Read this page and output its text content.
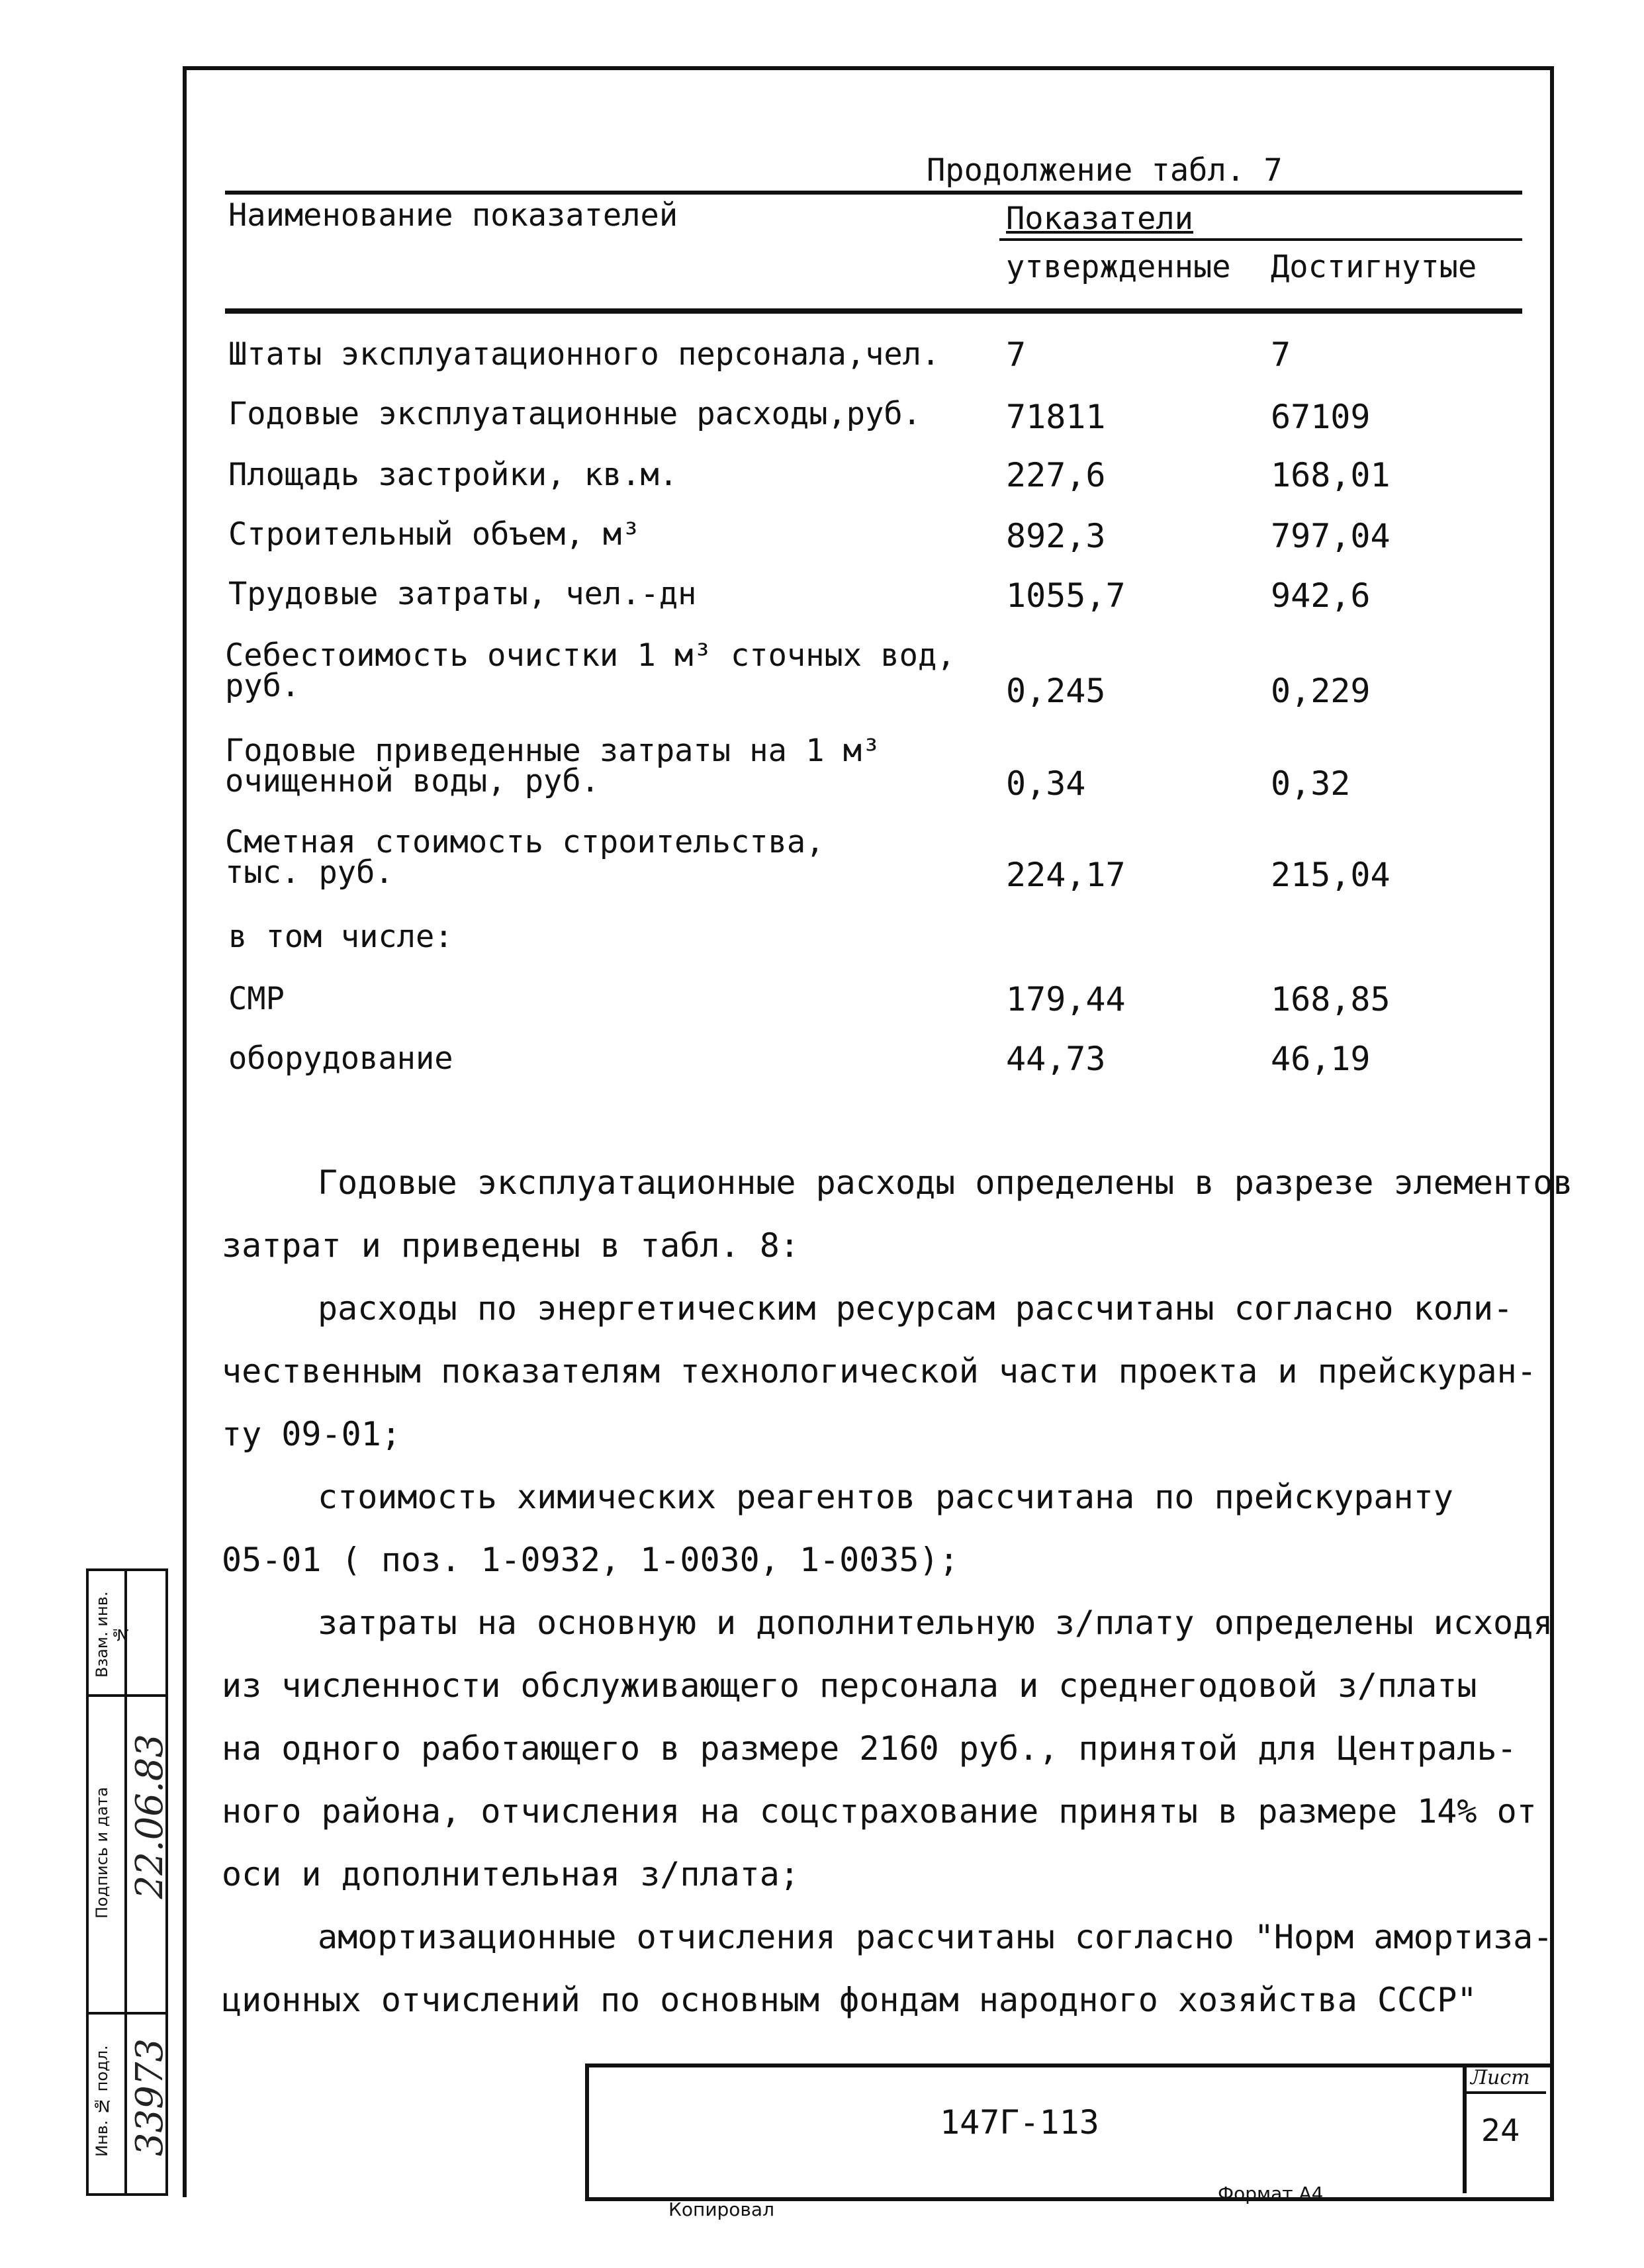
Продолжение табл. 7
Наименование показателей	Показатели
утвержденные Достигнутые
Штаты эксплуатационного персонала,чел. 7	7
Годовые эксплуатационные расходы,руб.	71811	67109
Площадь застройки, кв.м.	227,6	168,01
Строительный объем, м³	892,3	797,04
Трудовые затраты, чел.-дн	1055,7	942,6
Себестоимость очистки 1 м³ сточных вод, руб.	0,245	0,229
Годовые приведенные затраты на 1 м³ очищенной воды, руб.	0,34	0,32
Сметная стоимость строительства, тыс. руб.	224,17	215,04
в том числе:
СМР	179,44	168,85
оборудование	44,73	46,19
Годовые эксплуатационные расходы определены в разрезе элементов
затрат и приведены в табл. 8:
расходы по энергетическим ресурсам рассчитаны согласно коли-
чественным показателям технологической части проекта и прейскуран-
ту 09-01;
стоимость химических реагентов рассчитана по прейскуранту
05-01 ( поз. 1-0932, 1-0030, 1-0035);
затраты на основную и дополнительную з/плату определены исходя
из численности обслуживающего персонала и среднегодовой з/платы
на одного работающего в размере 2160 руб., принятой для Централь-
ного района, отчисления на соцстрахование приняты в размере 14% от
оси и дополнительная з/плата;
амортизационные отчисления рассчитаны согласно "Норм амортиза-
ционных отчислений по основным фондам народного хозяйства СССР"
147Г-113
Лист
24
Копировал
Формат А4
Взам. инв. №
Подпись и дата
Инв. № подл.
22.06.83
33973
